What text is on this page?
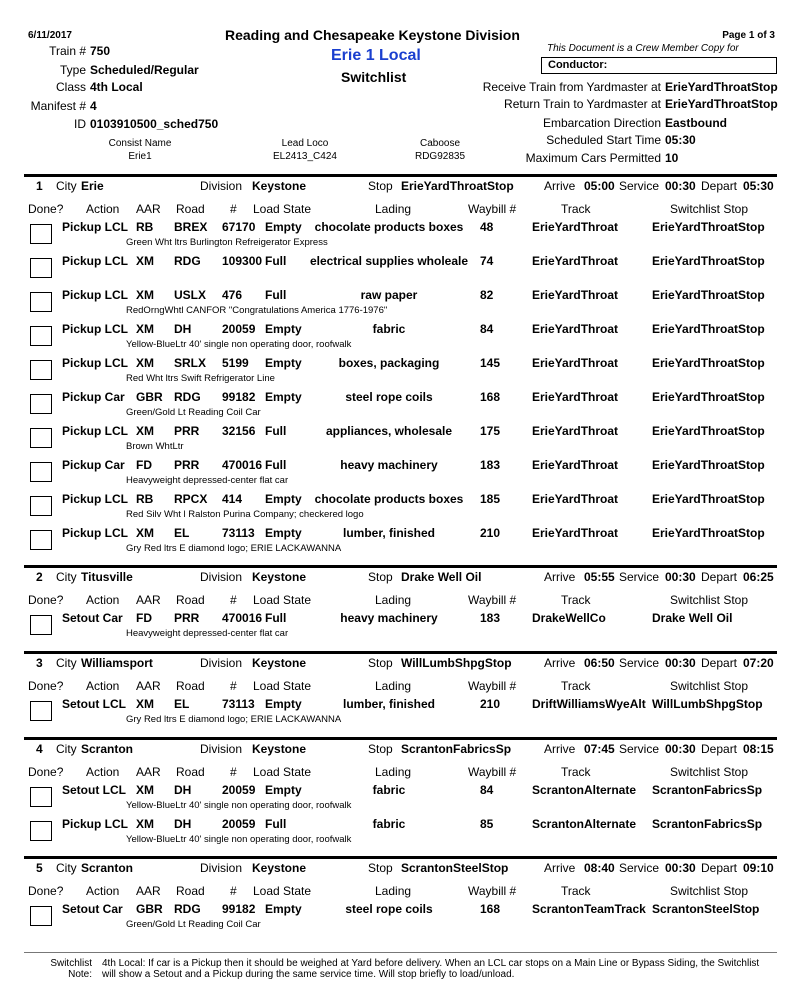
6/11/2017	Page 1 of 3
Reading and Chesapeake Keystone Division
Erie 1 Local
Switchlist
This Document is a Crew Member Copy for
Conductor:
Train # 750
Type Scheduled/Regular
Class 4th Local
Manifest # 4
ID 0103910500_sched750
Receive Train from Yardmaster at ErieYardThroatStop
Return Train to Yardmaster at ErieYardThroatStop
Embarcation Direction Eastbound
Scheduled Start Time 05:30
Maximum Cars Permitted 10
Consist Name
Erie1
Lead Loco
EL2413_C424
Caboose
RDG92835
1 City Erie	Division Keystone	Stop ErieYardThroatStop	Arrive 05:00 Service 00:30 Depart 05:30
Done? Action AAR Road # Load State	Lading	Waybill #	Track	Switchlist Stop
Pickup LCL RB BREX 67170 Empty	chocolate products boxes	48	ErieYardThroat	ErieYardThroatStop
Green Wht ltrs Burlington Refreigerator Express
Pickup LCL XM RDG 109300 Full	electrical supplies wholeale 74	ErieYardThroat	ErieYardThroatStop
Pickup LCL XM USLX 476 Full	raw paper	82	ErieYardThroat	ErieYardThroatStop
RedOrngWhtl CANFOR "Congratulations America 1776-1976"
Pickup LCL XM DH	20059 Empty	fabric	84	ErieYardThroat	ErieYardThroatStop
Yellow-BlueLtr 40' single non operating door, roofwalk
Pickup LCL XM SRLX 5199 Empty	boxes, packaging	145	ErieYardThroat	ErieYardThroatStop
Red Wht ltrs Swift Refrigerator Line
Pickup Car GBR RDG 99182 Empty	steel rope coils	168	ErieYardThroat	ErieYardThroatStop
Green/Gold Lt Reading Coil Car
Pickup LCL XM PRR 32156 Full	appliances, wholesale	175	ErieYardThroat	ErieYardThroatStop
Brown WhtLtr
Pickup Car FD PRR 470016 Full	heavy machinery	183	ErieYardThroat	ErieYardThroatStop
Heavyweight depressed-center flat car
Pickup LCL RB RPCX 414 Empty	chocolate products boxes	185	ErieYardThroat	ErieYardThroatStop
Red Silv Wht l Ralston Purina Company; checkered logo
Pickup LCL XM EL	73113 Empty	lumber, finished	210	ErieYardThroat	ErieYardThroatStop
Gry Red ltrs E diamond logo; ERIE LACKAWANNA
2 City Titusville	Division Keystone	Stop Drake Well Oil	Arrive 05:55 Service 00:30 Depart 06:25
Done? Action AAR Road # Load State	Lading	Waybill #	Track	Switchlist Stop
Setout Car FD PRR 470016 Full	heavy machinery	183	DrakeWellCo	Drake Well Oil
Heavyweight depressed-center flat car
3 City Williamsport	Division Keystone	Stop WillLumbShpgStop	Arrive 06:50 Service 00:30 Depart 07:20
Done? Action AAR Road # Load State	Lading	Waybill #	Track	Switchlist Stop
Setout LCL XM EL	73113 Empty	lumber, finished	210	DriftWilliamsWyeAlt WillLumbShpgStop
Gry Red ltrs E diamond logo; ERIE LACKAWANNA
4 City Scranton	Division Keystone	Stop ScrantonFabricsSp	Arrive 07:45 Service 00:30 Depart 08:15
Done? Action AAR Road # Load State	Lading	Waybill #	Track	Switchlist Stop
Setout LCL XM DH	20059 Empty	fabric	84	ScrantonAlternate ScrantonFabricsSp
Yellow-BlueLtr 40' single non operating door, roofwalk
Pickup LCL XM DH	20059 Full	fabric	85	ScrantonAlternate ScrantonFabricsSp
Yellow-BlueLtr 40' single non operating door, roofwalk
5 City Scranton	Division Keystone	Stop ScrantonSteelStop	Arrive 08:40 Service 00:30 Depart 09:10
Done? Action AAR Road # Load State	Lading	Waybill #	Track	Switchlist Stop
Setout Car GBR RDG 99182 Empty	steel rope coils	168	ScrantonTeamTrack ScrantonSteelStop
Green/Gold Lt Reading Coil Car
Switchlist
Note:
4th Local: If car is a Pickup then it should be weighed at Yard before delivery. When an LCL car stops on a Main Line or Bypass Siding, the Switchlist
will show a Setout and a Pickup during the same service time. Will stop briefly to load/unload.
